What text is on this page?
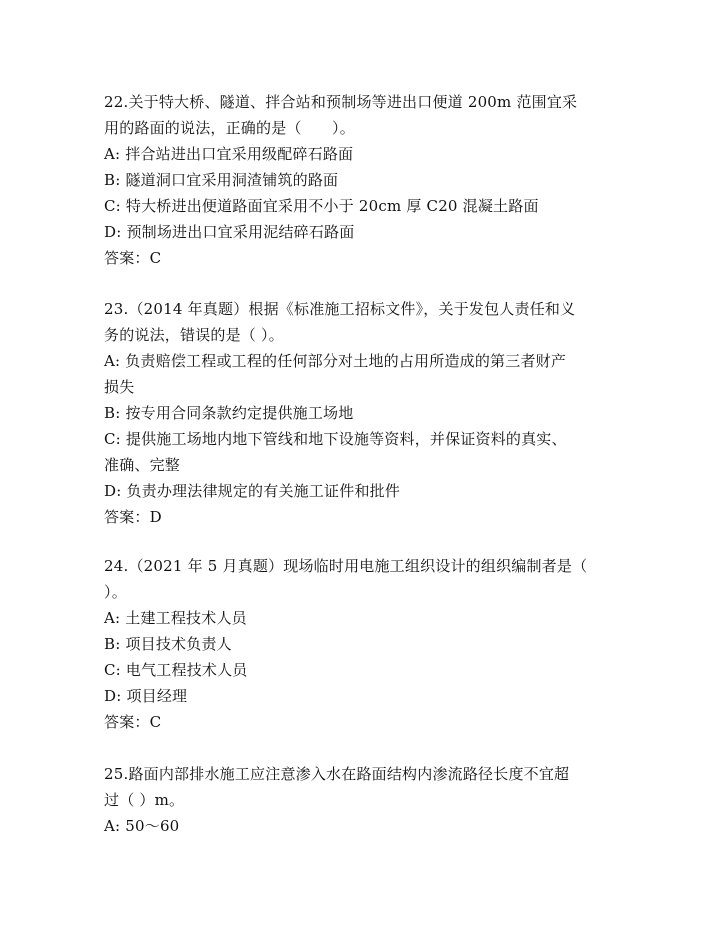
22.关于特大桥、隧道、拌合站和预制场等进出口便道 200m 范围宜采
用的路面的说法，正确的是（　　）。
A: 拌合站进出口宜采用级配碎石路面
B: 隧道洞口宜采用洞渣铺筑的路面
C: 特大桥进出便道路面宜采用不小于 20cm 厚 C20 混凝土路面
D: 预制场进出口宜采用泥结碎石路面
答案：C
23.（2014 年真题）根据《标准施工招标文件》，关于发包人责任和义
务的说法，错误的是（ ）。
A: 负责赔偿工程或工程的任何部分对土地的占用所造成的第三者财产
损失
B: 按专用合同条款约定提供施工场地
C: 提供施工场地内地下管线和地下设施等资料，并保证资料的真实、
准确、完整
D: 负责办理法律规定的有关施工证件和批件
答案：D
24.（2021 年 5 月真题）现场临时用电施工组织设计的组织编制者是（
）。
A: 土建工程技术人员
B: 项目技术负责人
C: 电气工程技术人员
D: 项目经理
答案：C
25.路面内部排水施工应注意渗入水在路面结构内渗流路径长度不宜超
过（ ）m。
A: 50～60
